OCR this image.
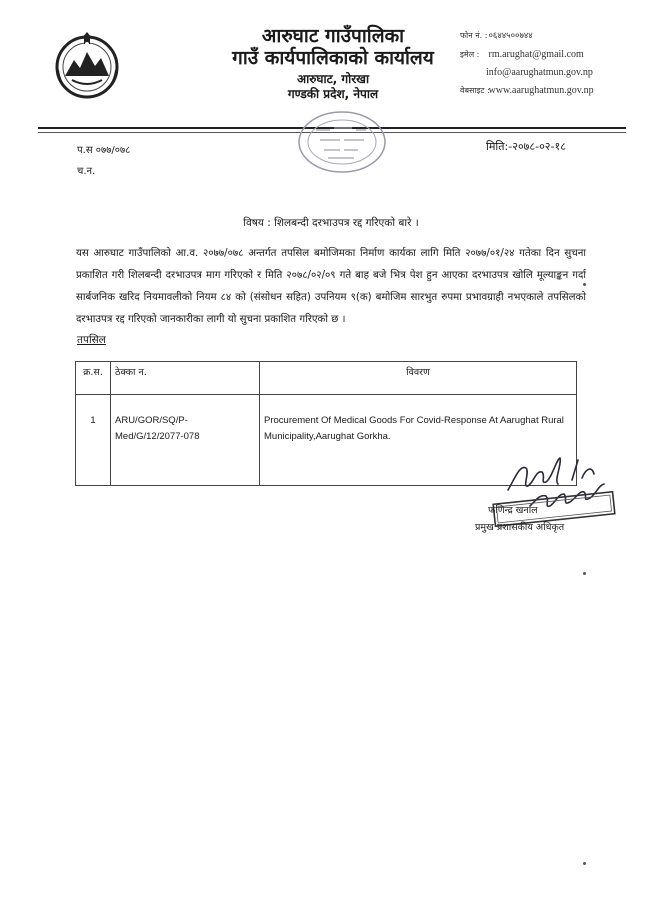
आरुघाट गाउँपालिका
गाउँ कार्यपालिकाको कार्यालय
आरुघाट, गोरखा
गण्डकी प्रदेश, नेपाल
फोन नं. : ०६४४५००७४४
इमेल : rm.arughat@gmail.com
info@aarughatmun.gov.np
वेबसाइट : www.aarughatmun.gov.np
प.स ०७७/०७८
च.न.
मिति:-२०७८-०२-१८
विषय : शिलबन्दी दरभाउपत्र रद्द गरिएको बारे ।
यस आरुघाट गाउँपालिको आ.व. २०७७/०७८ अन्तर्गत तपसिल बमोजिमका निर्माण कार्यका लागि मिति २०७७/०१/२४ गतेका दिन सुचना प्रकाशित गरी शिलबन्दी दरभाउपत्र माग गरिएको र मिति २०७८/०२/०९ गते बाह बजे भित्र पेश हुन आएका दरभाउपत्र खोलि मूल्याङ्कन गर्दा सार्बजनिक खरिद नियमावलीको नियम ८४ को (संसोधन सहित) उपनियम ९(क) बमोजिम सारभुत रुपमा प्रभावग्राही नभएकाले तपसिलको दरभाउपत्र रद्द गरिएको जानकारीका लागी यो सुचना प्रकाशित गरिएको छ ।
तपसिल
क्र.स.	ठेक्का न.	विवरण
1	ARU/GOR/SQ/P-Med/G/12/2077-078	Procurement Of Medical Goods For Covid-Response At Aarughat Rural Municipality,Aarughat Gorkha.
फणिन्द्र खनाल
प्रमुख प्रशासकीय अधिकृत
